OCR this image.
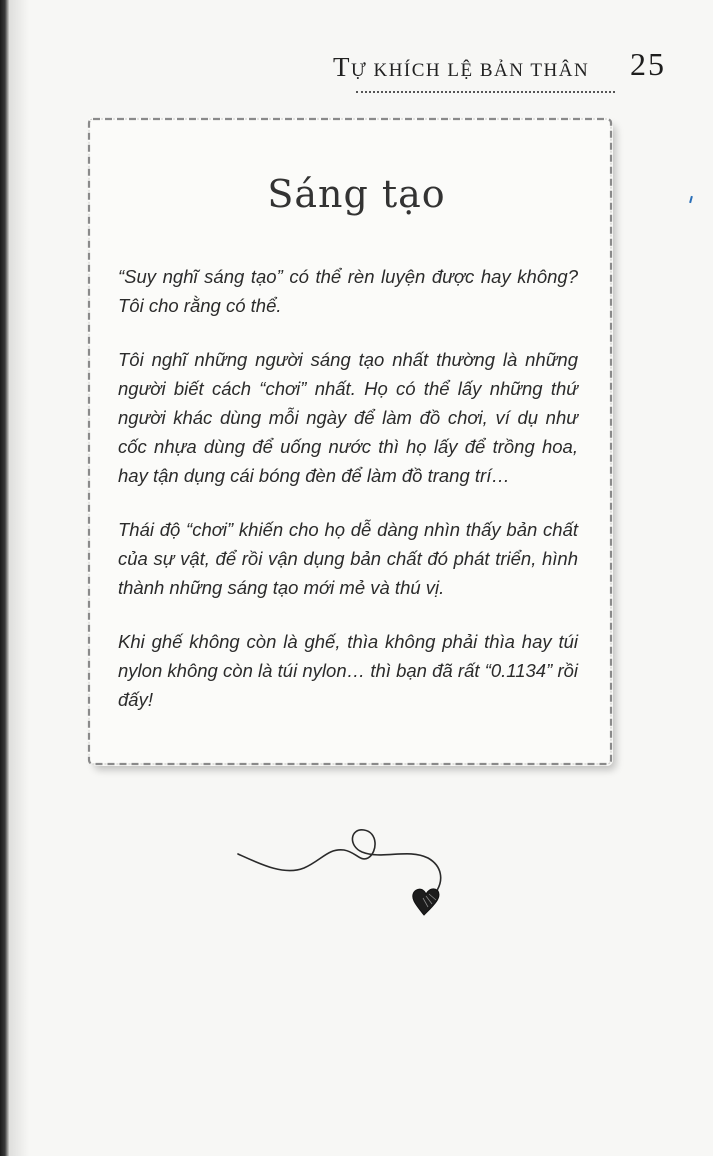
TỰ KHÍCH LỆ BẢN THÂN 25
Sáng tạo

“Suy nghĩ sáng tạo” có thể rèn luyện được hay không? Tôi cho rằng có thể.

Tôi nghĩ những người sáng tạo nhất thường là những người biết cách “chơi” nhất. Họ có thể lấy những thứ người khác dùng mỗi ngày để làm đồ chơi, ví dụ như cốc nhựa dùng để uống nước thì họ lấy để trồng hoa, hay tận dụng cái bóng đèn để làm đồ trang trí…

Thái độ “chơi” khiến cho họ dễ dàng nhìn thấy bản chất của sự vật, để rồi vận dụng bản chất đó phát triển, hình thành những sáng tạo mới mẻ và thú vị.

Khi ghế không còn là ghế, thìa không phải thìa hay túi nylon không còn là túi nylon… thì bạn đã rất “0.1134” rồi đấy!
